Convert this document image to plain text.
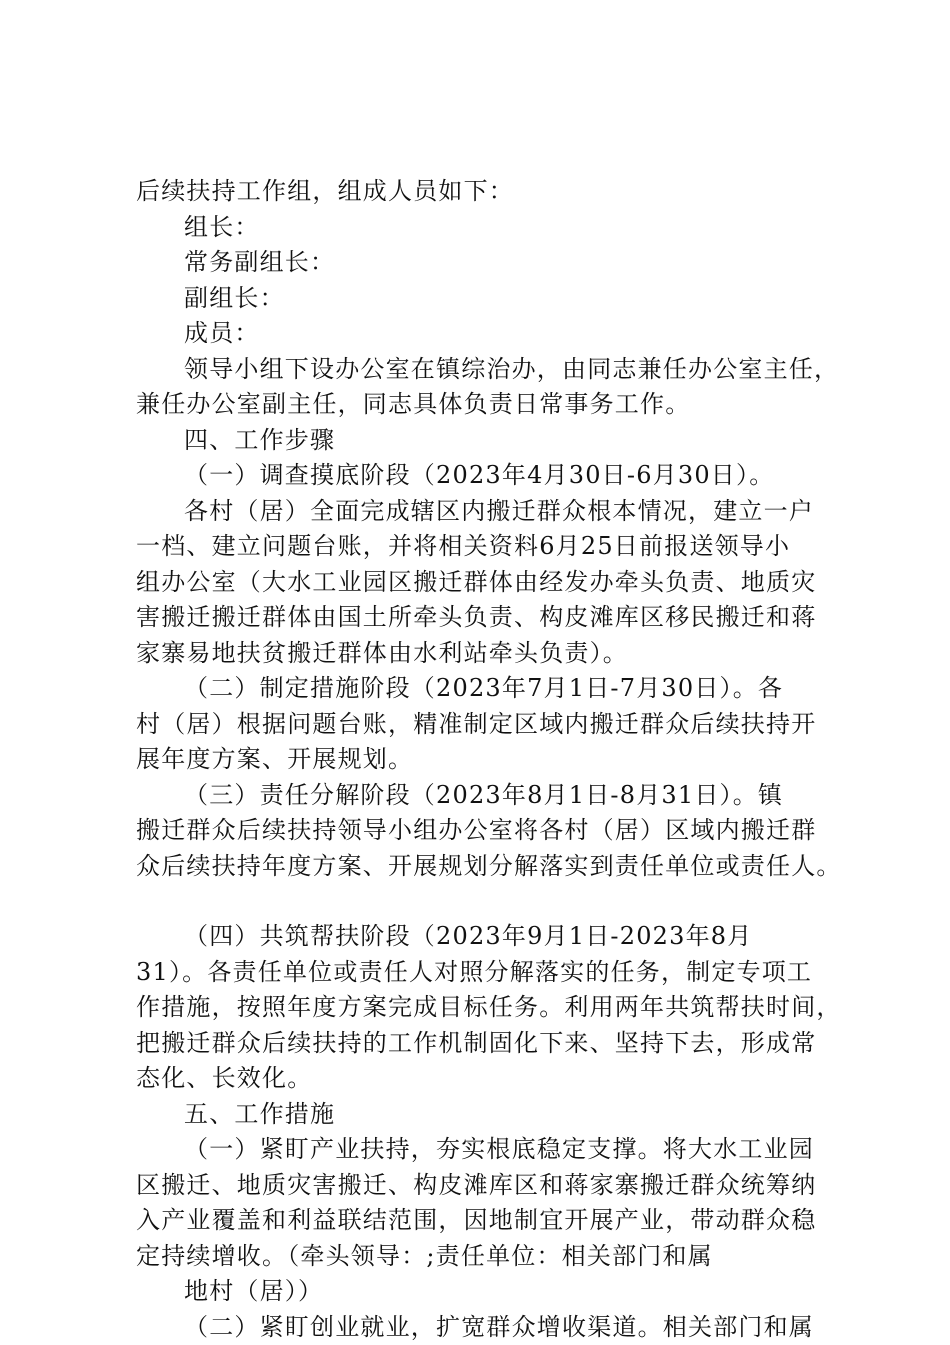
后续扶持工作组，组成人员如下：

组长：

常务副组长：

副组长：

成员：

领导小组下设办公室在镇综治办，由同志兼任办公室主任，

兼任办公室副主任，同志具体负责日常事务工作。

四、工作步骤

（一）调查摸底阶段（2023年4月30日-6月30日）。

各村（居）全面完成辖区内搬迁群众根本情况，建立一户

一档、建立问题台账，并将相关资料6月25日前报送领导小

组办公室（大水工业园区搬迁群体由经发办牵头负责、地质灾

害搬迁搬迁群体由国土所牵头负责、构皮滩库区移民搬迁和蒋

家寨易地扶贫搬迁群体由水利站牵头负责）。

（二）制定措施阶段（2023年7月1日-7月30日）。各

村（居）根据问题台账，精准制定区域内搬迁群众后续扶持开

展年度方案、开展规划。

（三）责任分解阶段（2023年8月1日-8月31日）。镇

搬迁群众后续扶持领导小组办公室将各村（居）区域内搬迁群

众后续扶持年度方案、开展规划分解落实到责任单位或责任人。

（四）共筑帮扶阶段（2023年9月1日-2023年8月

31）。各责任单位或责任人对照分解落实的任务，制定专项工

作措施，按照年度方案完成目标任务。利用两年共筑帮扶时间，

把搬迁群众后续扶持的工作机制固化下来、坚持下去，形成常

态化、长效化。

五、工作措施

（一）紧盯产业扶持，夯实根底稳定支撑。将大水工业园

区搬迁、地质灾害搬迁、构皮滩库区和蒋家寨搬迁群众统筹纳

入产业覆盖和利益联结范围，因地制宜开展产业，带动群众稳

定持续增收。（牵头领导：;责任单位：相关部门和属

地村（居））

（二）紧盯创业就业，扩宽群众增收渠道。相关部门和属
